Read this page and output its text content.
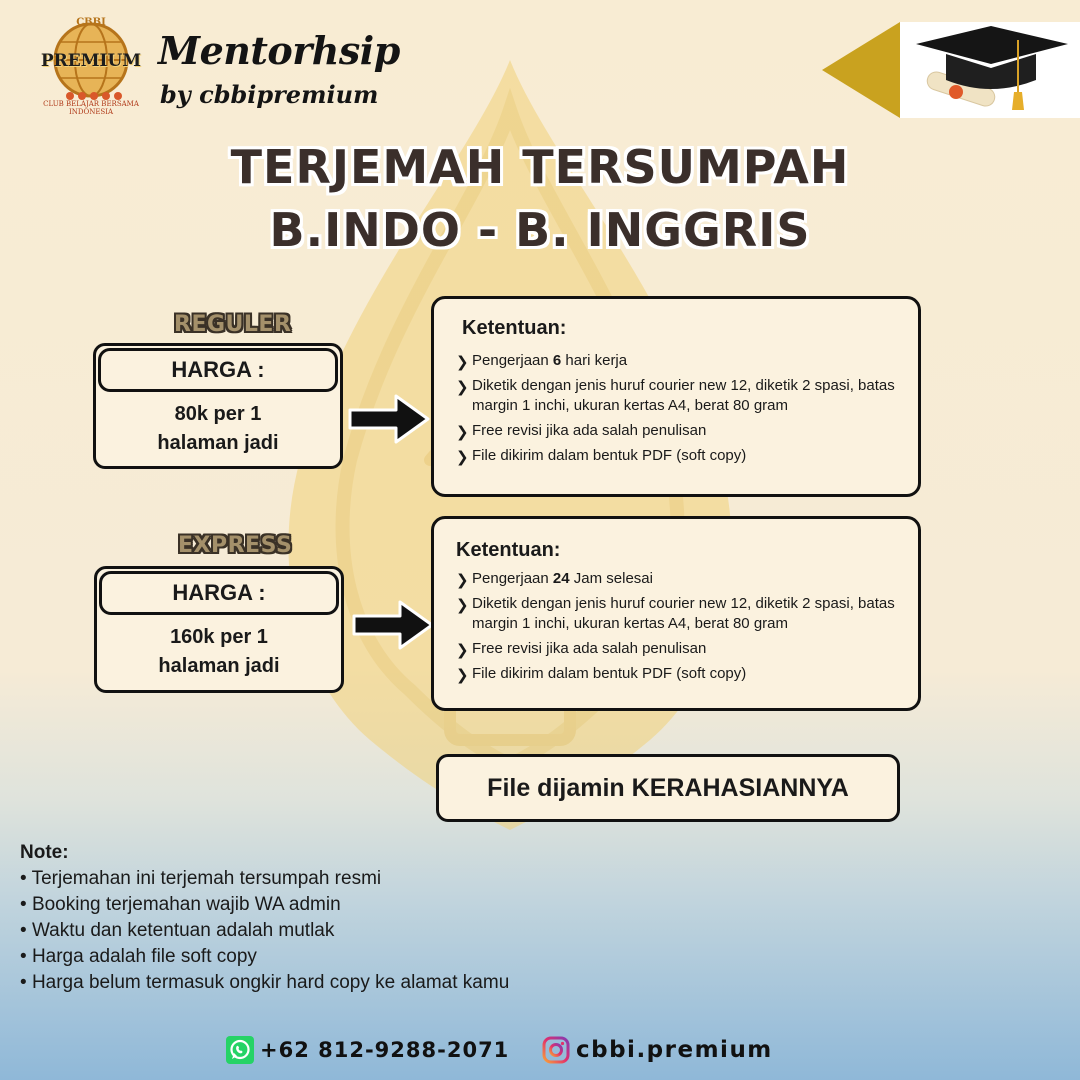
PREMIUM
CBBI
CLUB BELAJAR BERSAMA
INDONESIA
Mentorhsip
by cbbipremium
TERJEMAH TERSUMPAH
B.INDO - B. INGGRIS
REGULER
HARGA :
80k per 1
halaman jadi
Ketentuan:
❯ Pengerjaan 6 hari kerja
❯ Diketik dengan jenis huruf courier new 12, diketik 2 spasi, batas margin 1 inchi, ukuran kertas A4, berat 80 gram
❯ Free revisi jika ada salah penulisan
❯ File dikirim dalam bentuk PDF (soft copy)
EXPRESS
HARGA :
160k per 1
halaman jadi
Ketentuan:
❯ Pengerjaan 24 Jam selesai
❯ Diketik dengan jenis huruf courier new 12, diketik 2 spasi, batas margin 1 inchi, ukuran kertas A4, berat 80 gram
❯ Free revisi jika ada salah penulisan
❯ File dikirim dalam bentuk PDF (soft copy)
File dijamin KERAHASIANNYA
Note:
• Terjemahan ini terjemah tersumpah resmi
• Booking terjemahan wajib WA admin
• Waktu dan ketentuan adalah mutlak
• Harga adalah file soft copy
• Harga belum termasuk ongkir hard copy ke alamat kamu
+62 812-9288-2071	cbbi.premium
